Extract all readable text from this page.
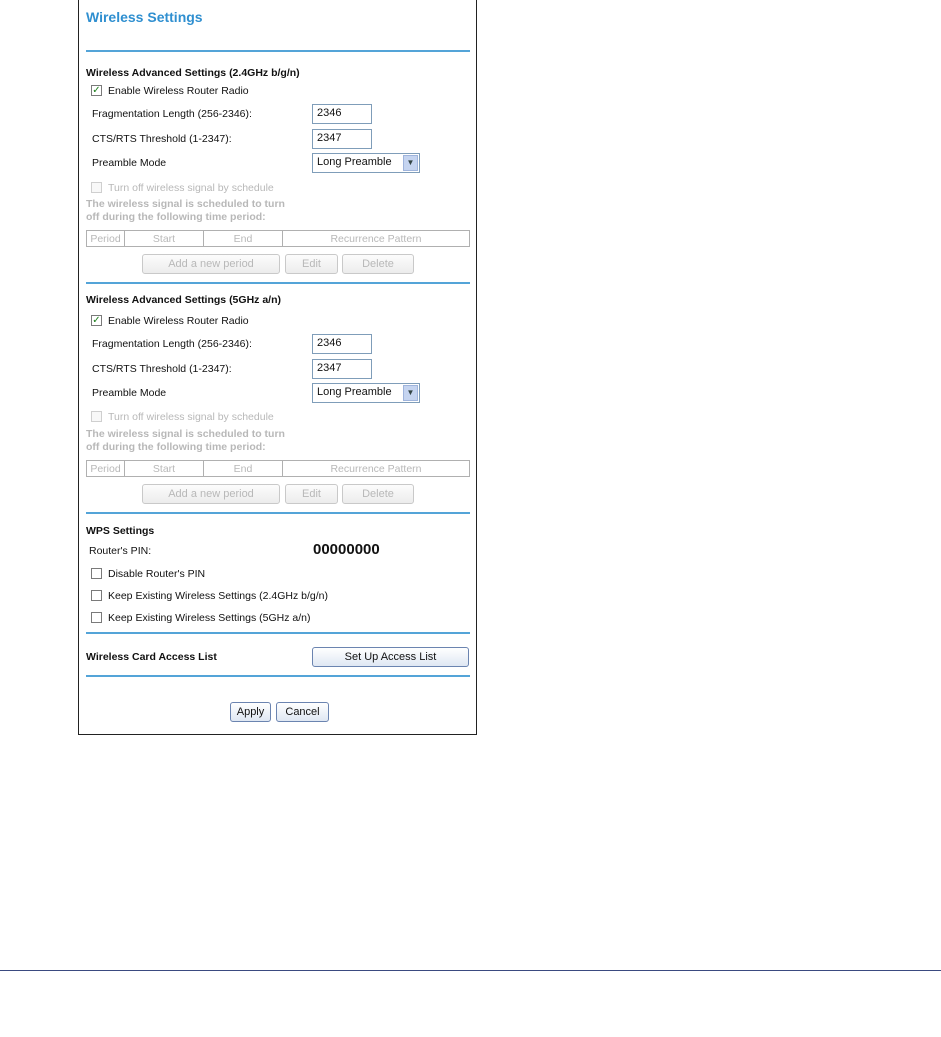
Wireless Settings
Wireless Advanced Settings (2.4GHz b/g/n)
✓ Enable Wireless Router Radio
Fragmentation Length (256-2346):	2346
CTS/RTS Threshold (1-2347):	2347
Preamble Mode	Long Preamble	▼
Turn off wireless signal by schedule
The wireless signal is scheduled to turn
off during the following time period:
Period	Start	End	Recurrence Pattern
Add a new period	Edit	Delete
Wireless Advanced Settings (5GHz a/n)
✓ Enable Wireless Router Radio
Fragmentation Length (256-2346):	2346
CTS/RTS Threshold (1-2347):	2347
Preamble Mode	Long Preamble	▼
Turn off wireless signal by schedule
The wireless signal is scheduled to turn
off during the following time period:
Period	Start	End	Recurrence Pattern
Add a new period	Edit	Delete
WPS Settings
Router's PIN:	00000000
Disable Router's PIN
Keep Existing Wireless Settings (2.4GHz b/g/n)
Keep Existing Wireless Settings (5GHz a/n)
Wireless Card Access List	Set Up Access List
Apply	Cancel
